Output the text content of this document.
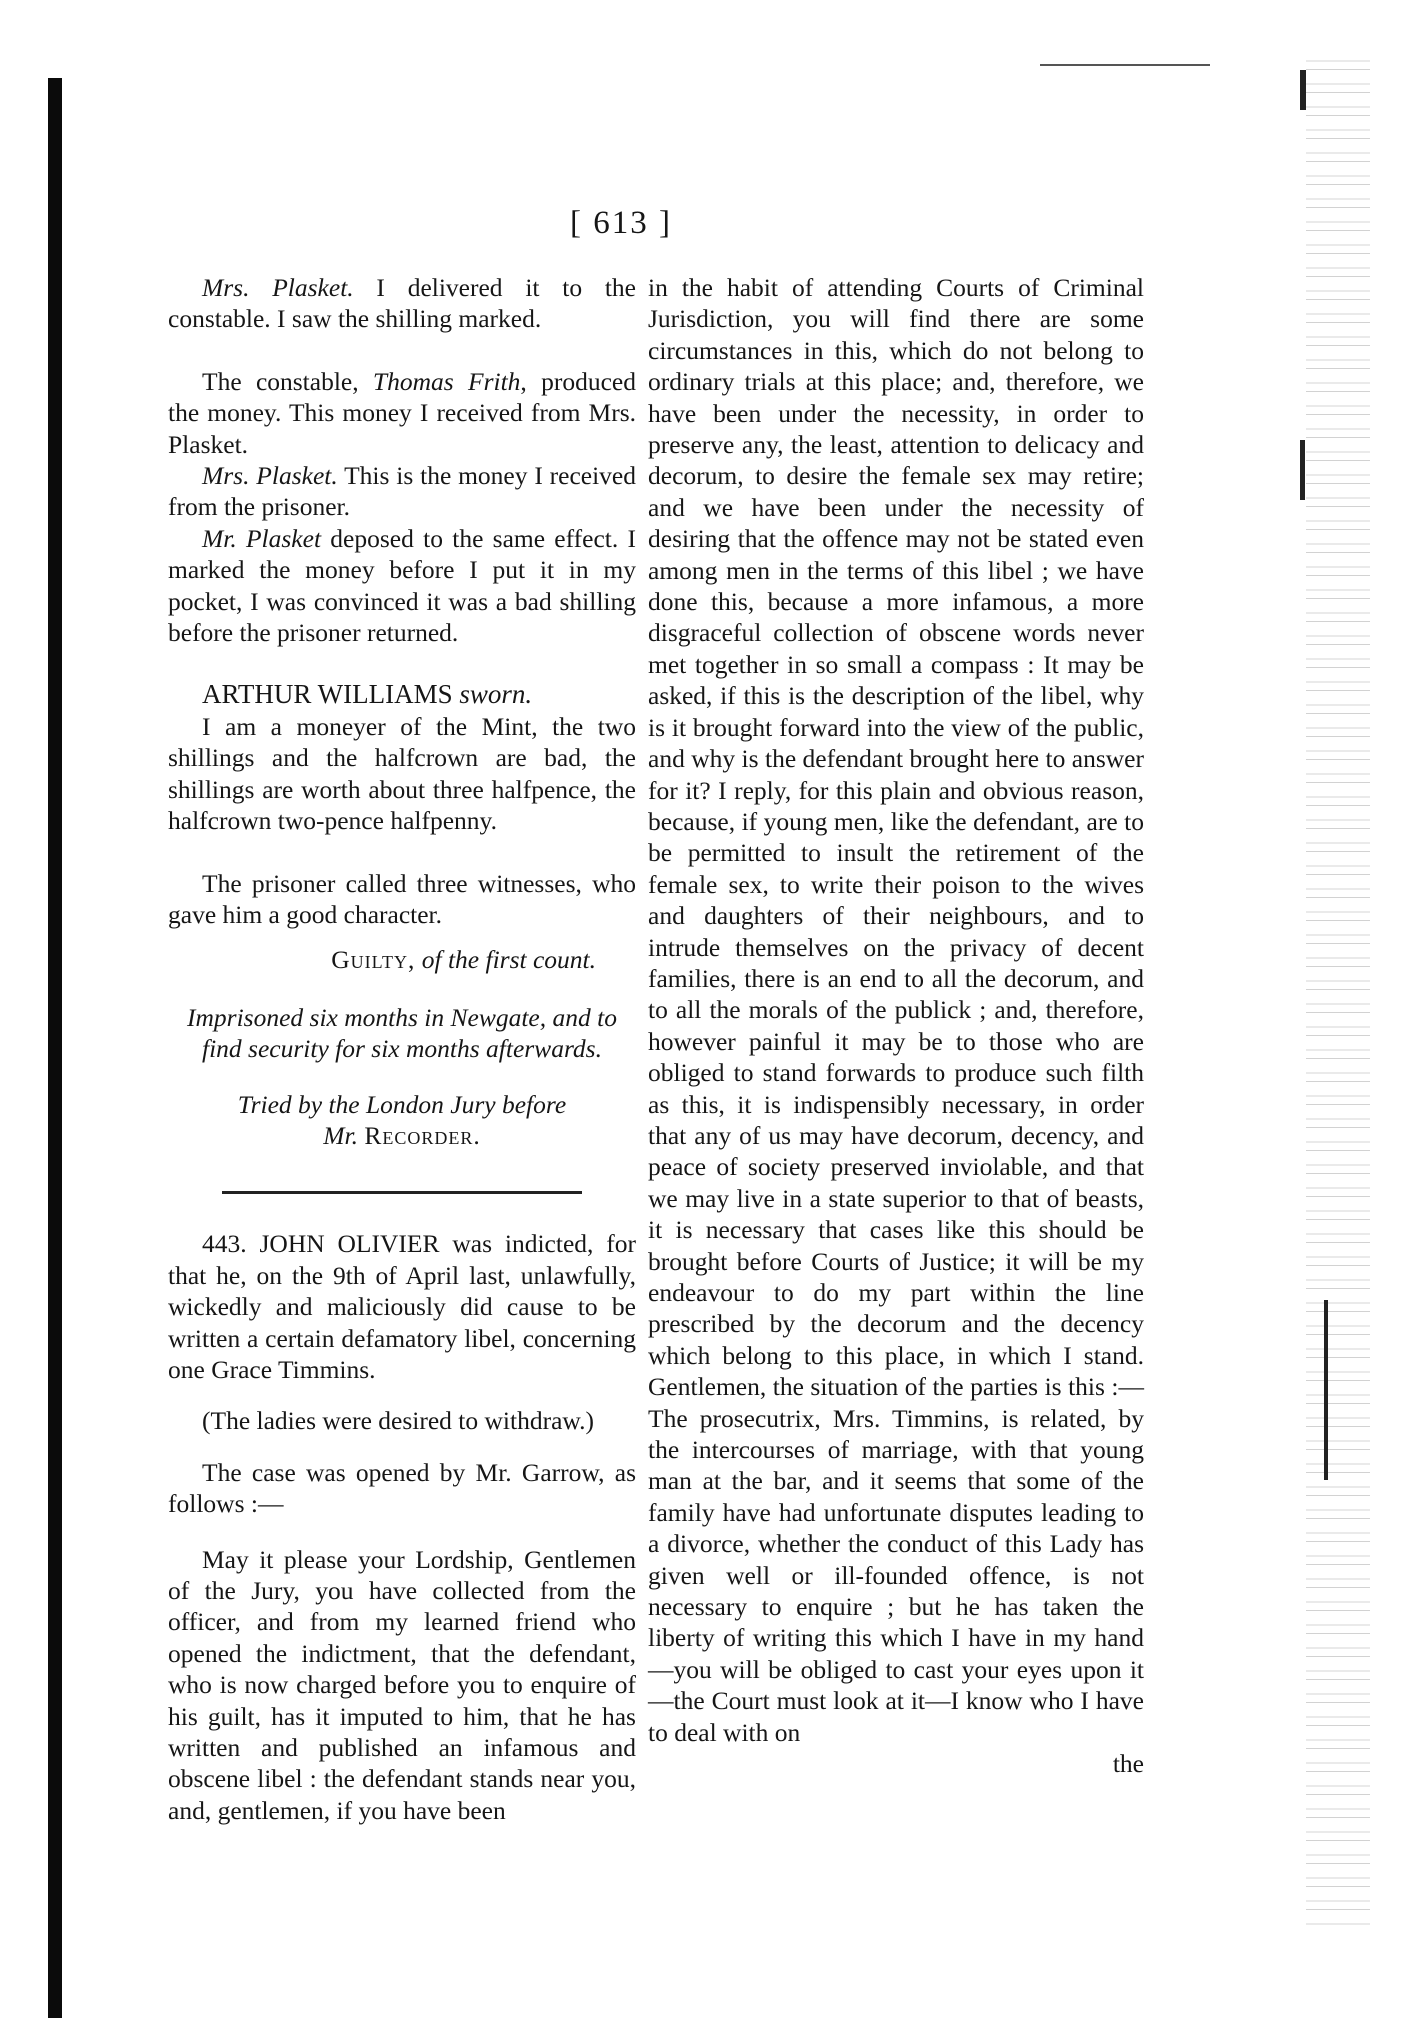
[ 613 ]

Mrs. Plasket. I delivered it to the constable. I saw the shilling marked.

The constable, Thomas Frith, produced the money. This money I received from Mrs. Plasket.

Mrs. Plasket. This is the money I received from the prisoner.

Mr. Plasket deposed to the same effect. I marked the money before I put it in my pocket, I was convinced it was a bad shilling before the prisoner returned.

ARTHUR WILLIAMS sworn.

I am a moneyer of the Mint, the two shillings and the halfcrown are bad, the shillings are worth about three halfpence, the halfcrown two-pence halfpenny.

The prisoner called three witnesses, who gave him a good character.

Guilty, of the first count.

Imprisoned six months in Newgate, and to find security for six months afterwards.

Tried by the London Jury before

Mr. Recorder.

443. JOHN OLIVIER was indicted, for that he, on the 9th of April last, unlawfully, wickedly and maliciously did cause to be written a certain defamatory libel, concerning one Grace Timmins.

(The ladies were desired to withdraw.)

The case was opened by Mr. Garrow, as follows :—

May it please your Lordship, Gentlemen of the Jury, you have collected from the officer, and from my learned friend who opened the indictment, that the defendant, who is now charged before you to enquire of his guilt, has it imputed to him, that he has written and published an infamous and obscene libel : the defendant stands near you, and, gentlemen, if you have been

in the habit of attending Courts of Criminal Jurisdiction, you will find there are some circumstances in this, which do not belong to ordinary trials at this place; and, therefore, we have been under the necessity, in order to preserve any, the least, attention to delicacy and decorum, to desire the female sex may retire; and we have been under the necessity of desiring that the offence may not be stated even among men in the terms of this libel ; we have done this, because a more infamous, a more disgraceful collection of obscene words never met together in so small a compass : It may be asked, if this is the description of the libel, why is it brought forward into the view of the public, and why is the defendant brought here to answer for it? I reply, for this plain and obvious reason, because, if young men, like the defendant, are to be permitted to insult the retirement of the female sex, to write their poison to the wives and daughters of their neighbours, and to intrude themselves on the privacy of decent families, there is an end to all the decorum, and to all the morals of the publick ; and, therefore, however painful it may be to those who are obliged to stand forwards to produce such filth as this, it is indispensibly necessary, in order that any of us may have decorum, decency, and peace of society preserved inviolable, and that we may live in a state superior to that of beasts, it is necessary that cases like this should be brought before Courts of Justice; it will be my endeavour to do my part within the line prescribed by the decorum and the decency which belong to this place, in which I stand. Gentlemen, the situation of the parties is this :—The prosecutrix, Mrs. Timmins, is related, by the intercourses of marriage, with that young man at the bar, and it seems that some of the family have had unfortunate disputes leading to a divorce, whether the conduct of this Lady has given well or ill-founded offence, is not necessary to enquire ; but he has taken the liberty of writing this which I have in my hand—you will be obliged to cast your eyes upon it—the Court must look at it—I know who I have to deal with on

the
